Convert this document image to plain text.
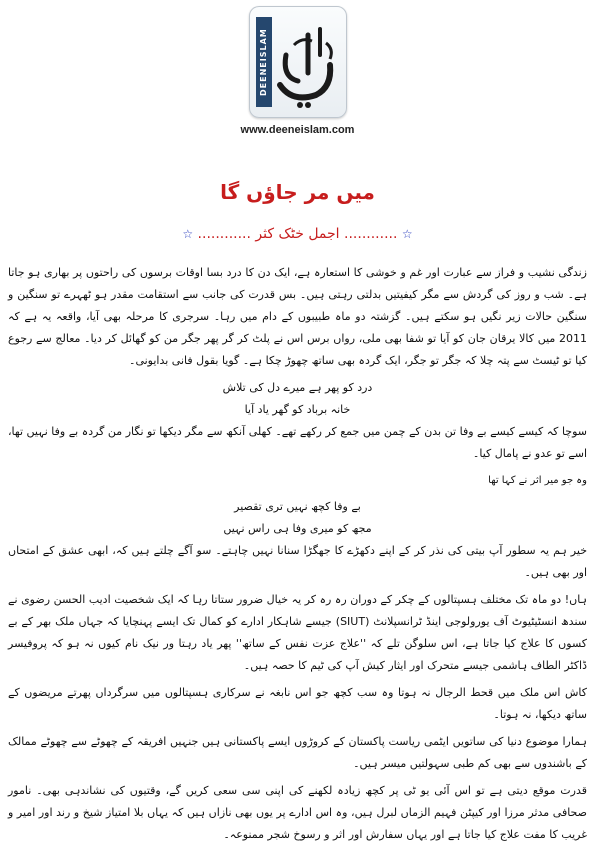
DEENEISLAM
www.deeneislam.com
میں مر جاؤں گا
☆ ............ اجمل خٹک کثر ............ ☆

زندگی نشیب و فراز سے عبارت اور غم و خوشی کا استعارہ ہے، ایک دن کا درد بسا اوقات برسوں کی راحتوں پر بھاری ہو جاتا ہے۔ شب و روز کی گردش سے مگر کیفیتیں بدلتی رہتی ہیں۔ بس قدرت کی جانب سے استقامت مقدر ہو ٹھہرے تو سنگین و سنگین حالات زیر نگیں ہو سکتے ہیں۔ گزشتہ دو ماہ طبیبوں کے دام میں رہا۔ سرجری کا مرحلہ بھی آیا، واقعہ یہ ہے کہ 2011 میں کالا یرقان جان کو آیا تو شفا بھی ملی، رواں برس اس نے پلٹ کر گر پھر جگر من کو گھائل کر دیا۔ معالج سے رجوع کیا تو ٹیسٹ سے پتہ چلا کہ جگر تو جگر، ایک گردہ بھی ساتھ چھوڑ چکا ہے۔ گویا بقول فانی بدایونی۔

درد کو پھر ہے میرے دل کی تلاش

خانہ برباد کو گھر یاد آیا

سوچا کہ کیسے کیسے بے وفا تن بدن کے چمن میں جمع کر رکھے تھے۔ کھلی آنکھ سے مگر دیکھا تو نگار من گردہ بے وفا نہیں تھا، اسے تو عدو نے پامال کیا۔

وہ جو میر اثر نے کہا تھا

بے وفا کچھ نہیں تری تقصیر

مجھ کو میری وفا ہی راس نہیں

خیر ہم یہ سطور آپ بیتی کی نذر کر کے اپنے دکھڑے کا جھگڑا سنانا نہیں چاہتے۔ سو آگے چلتے ہیں کہ، ابھی عشق کے امتحاں اور بھی ہیں۔

ہاں! دو ماہ تک مختلف ہسپتالوں کے چکر کے دوران رہ رہ کر یہ خیال ضرور ستاتا رہا کہ ایک شخصیت ادیب الحسن رضوی نے سندھ انسٹیٹیوٹ آف یورولوجی اینڈ ٹرانسپلانٹ (SIUT) جیسے شاہکار ادارے کو کمال تک ایسے پہنچایا کہ جہاں ملک بھر کے بے کسوں کا علاج کیا جاتا ہے، اس سلوگن تلے کہ ''علاج عزت نفس کے ساتھ'' پھر یاد رہتا ور نیک نام کیوں نہ ہو کہ پروفیسر ڈاکٹر الطاف ہاشمی جیسے متحرک اور ایثار کیش آپ کی ٹیم کا حصہ ہیں۔

کاش اس ملک میں قحط الرجال نہ ہوتا وہ سب کچھ جو اس نابغہ نے سرکاری ہسپتالوں میں سرگرداں پھرتے مریضوں کے ساتھ دیکھا، نہ ہوتا۔

ہمارا موضوع دنیا کی ساتویں ایٹمی ریاست پاکستان کے کروڑوں ایسے پاکستانی ہیں جنہیں افریقہ کے چھوٹے سے چھوٹے ممالک کے باشندوں سے بھی کم طبی سہولتیں میسر ہیں۔

قدرت موقع دیتی ہے تو اس آئی یو ٹی پر کچھ زیادہ لکھنے کی اپنی سی سعی کریں گے، وقتیوں کی نشاندہی بھی۔ نامور صحافی مدثر مرزا اور کیپٹن فہیم الزماں لبرل ہیں، وہ اس ادارے پر یوں بھی نازاں ہیں کہ یہاں بلا امتیاز شیخ و رند اور امیر و غریب کا مفت علاج کیا جاتا ہے اور یہاں سفارش اور اثر و رسوخ شجر ممنوعہ۔
